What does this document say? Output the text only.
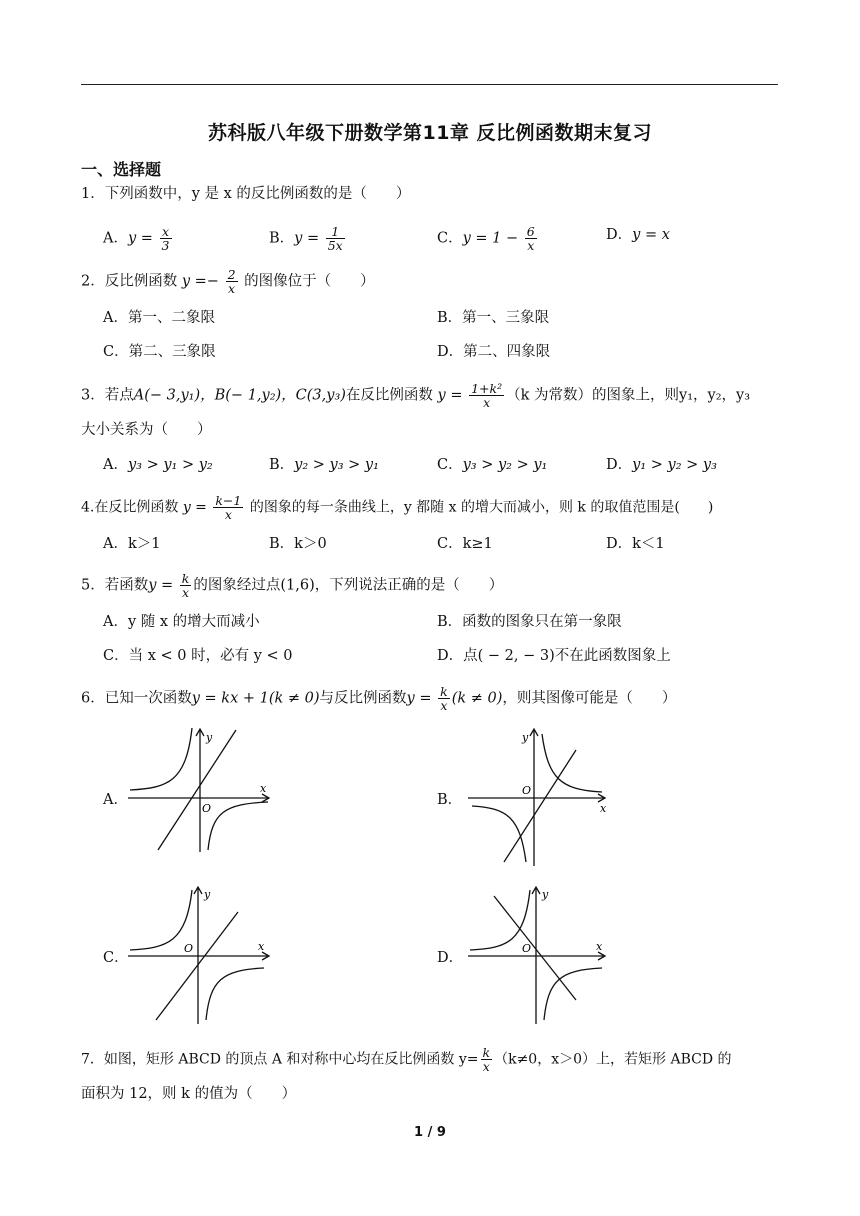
苏科版八年级下册数学第11章 反比例函数期末复习
一、选择题
1．下列函数中，y 是 x 的反比例函数的是（　　）
A．$y = \frac{x}{3}$	B．$y = \frac{1}{5x}$	C．$y = 1 - \frac{6}{x}$	D．y = x
2．反比例函数 $y =- \frac{2}{x}$ 的图像位于（　　）
A．第一、二象限	B．第一、三象限
C．第二、三象限	D．第二、四象限
3．若点A(− 3,y₁)，B(− 1,y₂)，C(3,y₃)在反比例函数 $y = \frac{\text{1+k²}}{x} (k$ 为常数）的图象上，则y₁，y₂，y₃
大小关系为（　　）
A．y₃ > y₁ > y₂	B．y₂ > y₃ > y₁	C．y₃ > y₂ > y₁	D．y₁ > y₂ > y₃
4.在反比例函数 $y = \frac{k-1}{x}$ 的图象的每一条曲线上，y 都随 x 的增大而减小，则 k 的取值范围是(　　)
A．k＞1	B．k＞0	C．k≥1	D．k＜1
5．若函数$y = \frac{k}{x}$ 的图象经过点(1,6)，下列说法正确的是（　　）
A．y 随 x 的增大而减小	B．函数的图象只在第一象限
C．当 x < 0 时，必有 y < 0	D．点( − 2, − 3)不在此函数图象上
6．已知一次函数y = kx + 1(k ≠ 0)与反比例函数$y = \frac{k}{x} (k \ne 0)$，则其图像可能是（　　）
A．
y
x
O
B．
y
x
O
C．
y
x
O
D．
y
x
O
7．如图，矩形 ABCD 的顶点 A 和对称中心均在反比例函数 $y= \frac{k}{x} (k\ne 0$，x＞0）上，若矩形 ABCD 的
面积为 12，则 k 的值为（　　）
1 / 9
